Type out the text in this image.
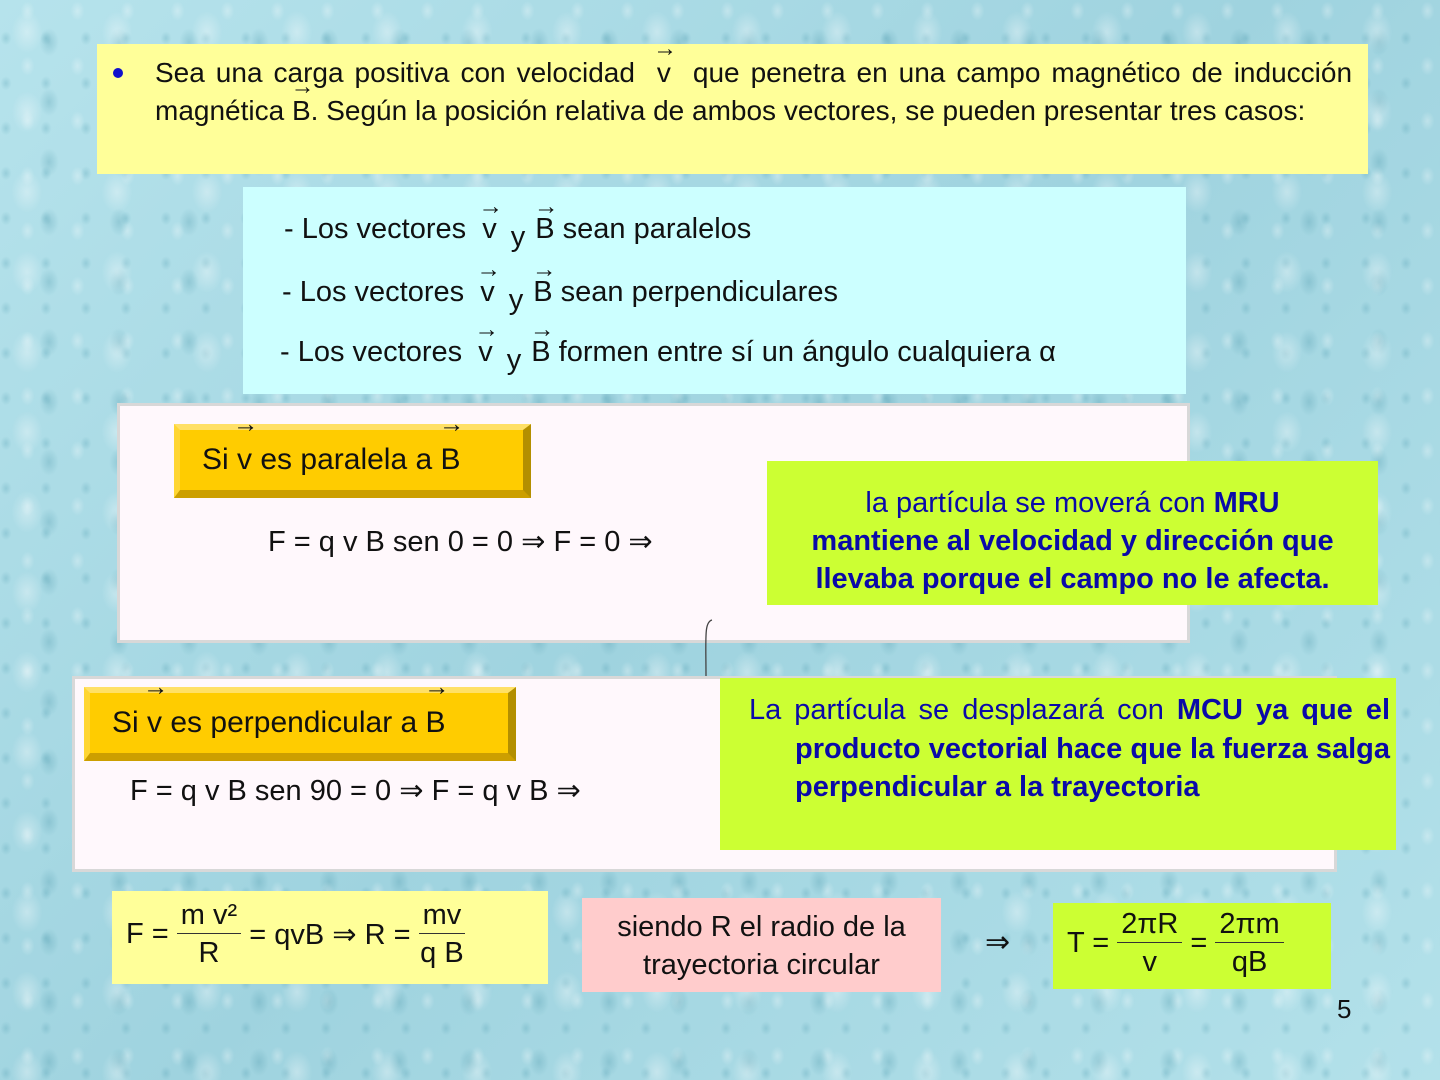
Sea una carga positiva con velocidad → v que penetra en una campo magnético de inducción magnética → B. Según la posición relativa de ambos vectores, se pueden presentar tres casos:
- Los vectores → v y → B sean paralelos
- Los vectores → v y → B sean perpendiculares
- Los vectores → v y → B formen entre sí un ángulo cualquiera α
Si → v es paralela a → B
F = q v B sen 0 = 0 ⇒ F = 0 ⇒
la partícula se moverá con MRU
mantiene al velocidad y dirección que llevaba porque el campo no le afecta.
Si → v es perpendicular a → B
F = q v B sen 90 = 0 ⇒ F = q v B ⇒
La partícula se desplazará con MCU ya que el producto vectorial hace que la fuerza salga perpendicular a la trayectoria
$F = \frac{\text{m v²}}{R}$ = qvB ⇒ $R = \frac{mv}{\text{q B}}$	siendo R el radio de la trayectoria circular
⇒ $T = \frac{2\pi R}{v} = \frac{2\pi m}{qB}$
5
